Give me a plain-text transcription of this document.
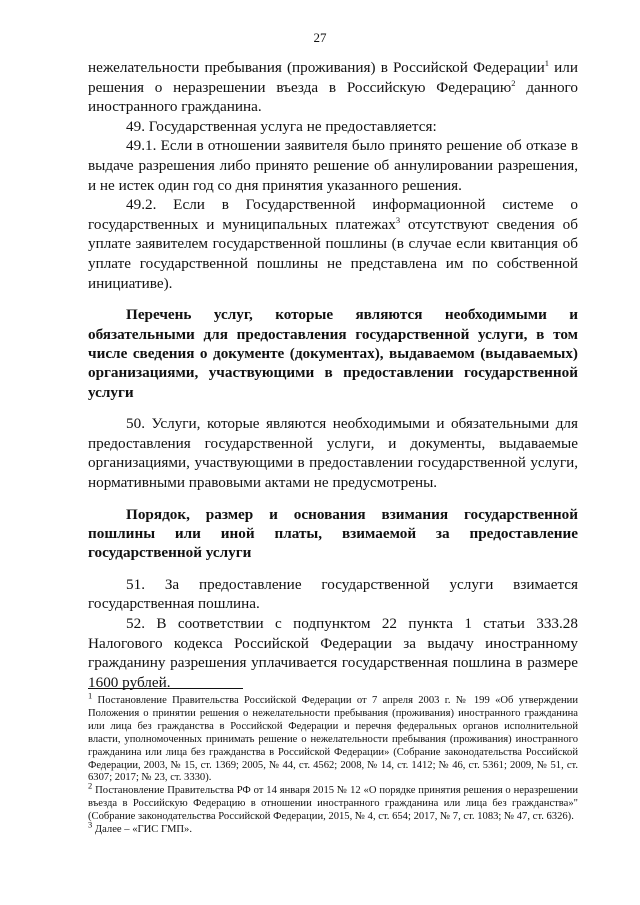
27

нежелательности пребывания (проживания) в Российской Федерации$^1$ или решения о неразрешении въезда в Российскую Федерацию$^2$ данного иностранного гражданина.

49. Государственная услуга не предоставляется:

49.1. Если в отношении заявителя было принято решение об отказе в выдаче разрешения либо принято решение об аннулировании разрешения, и не истек один год со дня принятия указанного решения.

49.2. Если в Государственной информационной системе о государственных и муниципальных платежах$^3$ отсутствуют сведения об уплате заявителем государственной пошлины (в случае если квитанция об уплате государственной пошлины не представлена им по собственной инициативе).

Перечень услуг, которые являются необходимыми и обязательными для предоставления государственной услуги, в том числе сведения о документе (документах), выдаваемом (выдаваемых) организациями, участвующими в предоставлении государственной услуги

50. Услуги, которые являются необходимыми и обязательными для предоставления государственной услуги, и документы, выдаваемые организациями, участвующими в предоставлении государственной услуги, нормативными правовыми актами не предусмотрены.

Порядок, размер и основания взимания государственной пошлины или иной платы, взимаемой за предоставление государственной услуги

51. За предоставление государственной услуги взимается государственная пошлина.

52. В соответствии с подпунктом 22 пункта 1 статьи 333.28 Налогового кодекса Российской Федерации за выдачу иностранному гражданину разрешения уплачивается государственная пошлина в размере 1600 рублей.

$^1$ Постановление Правительства Российской Федерации от 7 апреля 2003 г. № 199 «Об утверждении Положения о принятии решения о нежелательности пребывания (проживания) иностранного гражданина или лица без гражданства в Российской Федерации и перечня федеральных органов исполнительной власти, уполномоченных принимать решение о нежелательности пребывания (проживания) иностранного гражданина или лица без гражданства в Российской Федерации» (Собрание законодательства Российской Федерации, 2003, № 15, ст. 1369; 2005, № 44, ст. 4562; 2008, № 14, ст. 1412; № 46, ст. 5361; 2009, № 51, ст. 6307; 2017; № 23, ст. 3330).

$^2$ Постановление Правительства РФ от 14 января 2015 № 12 «О порядке принятия решения о неразрешении въезда в Российскую Федерацию в отношении иностранного гражданина или лица без гражданства»" (Собрание законодательства Российской Федерации, 2015, № 4, ст. 654; 2017, № 7, ст. 1083; № 47, ст. 6326).

$^3$ Далее – «ГИС ГМП».
